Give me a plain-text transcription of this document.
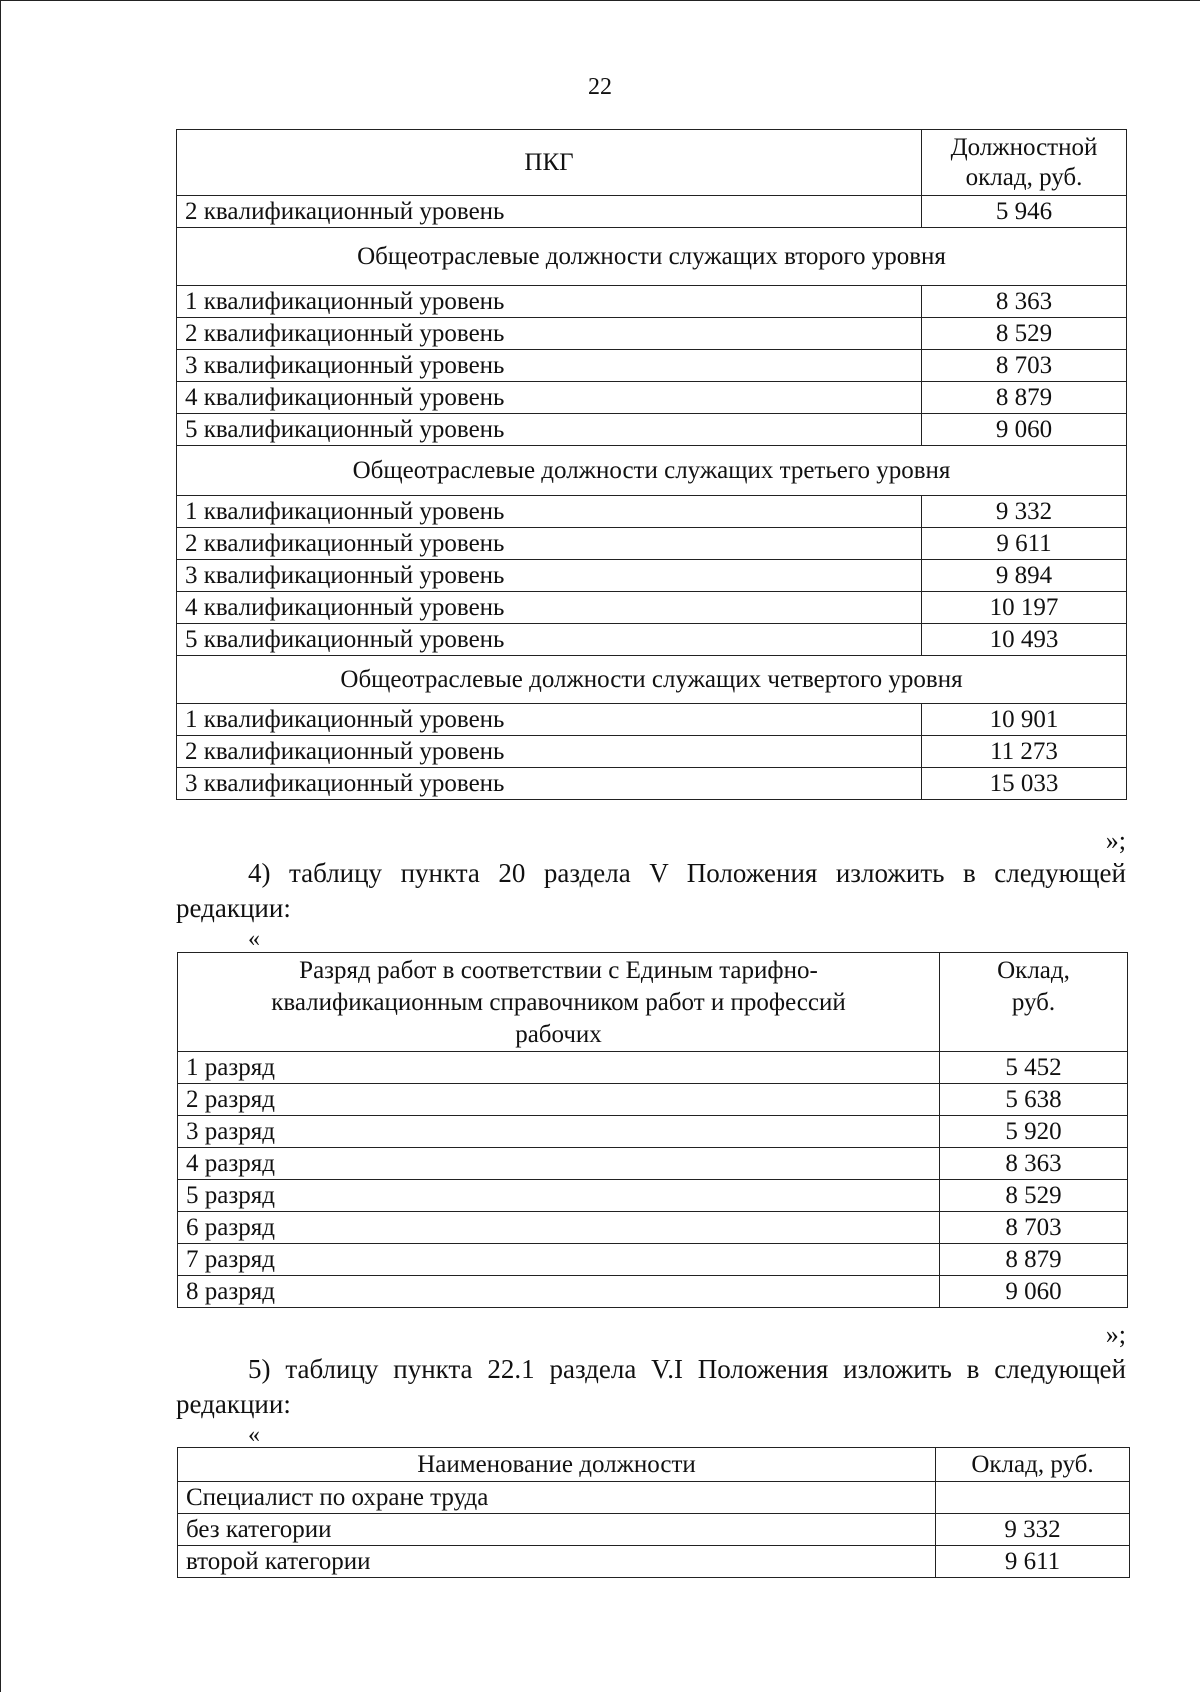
22
ПКГ	Должностной
оклад, руб.
2 квалификационный уровень	5 946
Общеотраслевые должности служащих второго уровня	
1 квалификационный уровень	8 363
2 квалификационный уровень	8 529
3 квалификационный уровень	8 703
4 квалификационный уровень	8 879
5 квалификационный уровень	9 060
Общеотраслевые должности служащих третьего уровня	
1 квалификационный уровень	9 332
2 квалификационный уровень	9 611
3 квалификационный уровень	9 894
4 квалификационный уровень	10 197
5 квалификационный уровень	10 493
Общеотраслевые должности служащих четвертого уровня	
1 квалификационный уровень	10 901
2 квалификационный уровень	11 273
3 квалификационный уровень	15 033
»;
4) таблицу пункта 20 раздела V Положения изложить в следующей
редакции:
«
Разряд работ в соответствии с Единым тарифно-
квалификационным справочником работ и профессий
рабочих	Оклад,
руб.
1 разряд	5 452
2 разряд	5 638
3 разряд	5 920
4 разряд	8 363
5 разряд	8 529
6 разряд	8 703
7 разряд	8 879
8 разряд	9 060
»;
5) таблицу пункта 22.1 раздела V.I Положения изложить в следующей
редакции:
«
Наименование должности	Оклад, руб.
Специалист по охране труда	
без категории	9 332
второй категории	9 611
